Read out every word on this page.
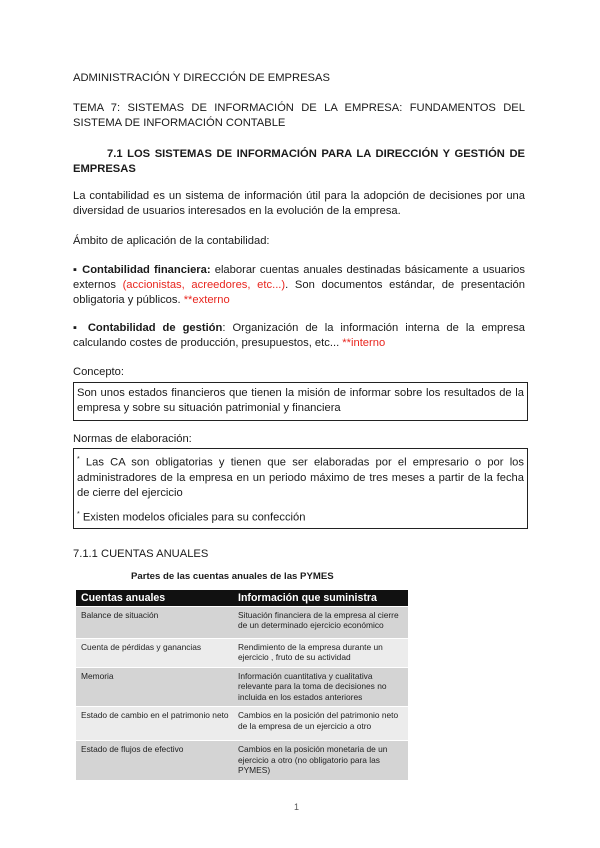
ADMINISTRACIÓN Y DIRECCIÓN DE EMPRESAS
TEMA 7: SISTEMAS DE INFORMACIÓN DE LA EMPRESA: FUNDAMENTOS DEL SISTEMA DE INFORMACIÓN CONTABLE
7.1 LOS SISTEMAS DE INFORMACIÓN PARA LA DIRECCIÓN Y GESTIÓN DE EMPRESAS
La contabilidad es un sistema de información útil para la adopción de decisiones por una diversidad de usuarios interesados en la evolución de la empresa.
Ámbito de aplicación de la contabilidad:
▪ Contabilidad financiera: elaborar cuentas anuales destinadas básicamente a usuarios externos (accionistas, acreedores, etc...). Son documentos estándar, de presentación obligatoria y públicos. **externo
▪ Contabilidad de gestión: Organización de la información interna de la empresa calculando costes de producción, presupuestos, etc... **interno
Concepto:
Son unos estados financieros que tienen la misión de informar sobre los resultados de la empresa y sobre su situación patrimonial y financiera
Normas de elaboración:
* Las CA son obligatorias y tienen que ser elaboradas por el empresario o por los administradores de la empresa en un periodo máximo de tres meses a partir de la fecha de cierre del ejercicio
* Existen modelos oficiales para su confección
7.1.1 CUENTAS ANUALES
Partes de las cuentas anuales de las PYMES
Cuentas anuales	Información que suministra
Balance de situación	Situación financiera de la empresa al cierre de un determinado ejercicio económico
Cuenta de pérdidas y ganancias	Rendimiento de la empresa durante un ejercicio , fruto de su actividad
Memoria	Información cuantitativa y cualitativa relevante para la toma de decisiones no incluida en los estados anteriores
Estado de cambio en el patrimonio neto	Cambios en la posición del patrimonio neto de la empresa de un ejercicio a otro
Estado de flujos de efectivo	Cambios en la posición monetaria de un ejercicio a otro (no obligatorio para las PYMES)
1
